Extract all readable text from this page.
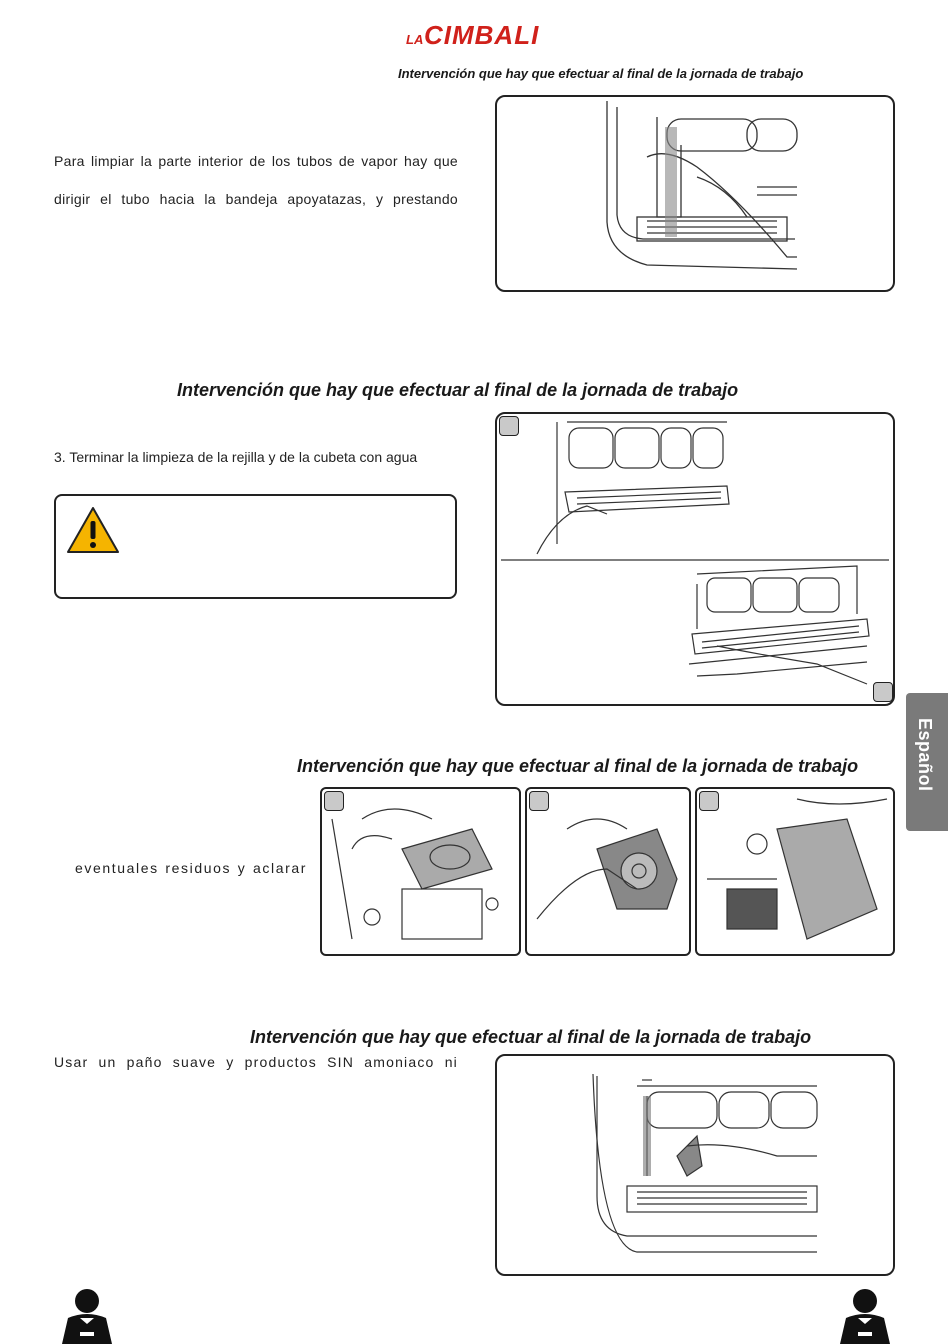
LA CIMBALI
Intervención que hay que efectuar al final de la jornada de trabajo
Para limpiar la parte interior de los tubos de vapor hay que
dirigir el tubo hacia la bandeja apoyatazas, y prestando
Intervención que hay que efectuar al final de la jornada de trabajo
3. Terminar la limpieza de la rejilla y de la cubeta con agua
Intervención que hay que efectuar al final de la jornada de trabajo
eventuales residuos y aclarar
Español
Intervención que hay que efectuar al final de la jornada de trabajo
Usar un paño suave y productos SIN amoniaco ni
